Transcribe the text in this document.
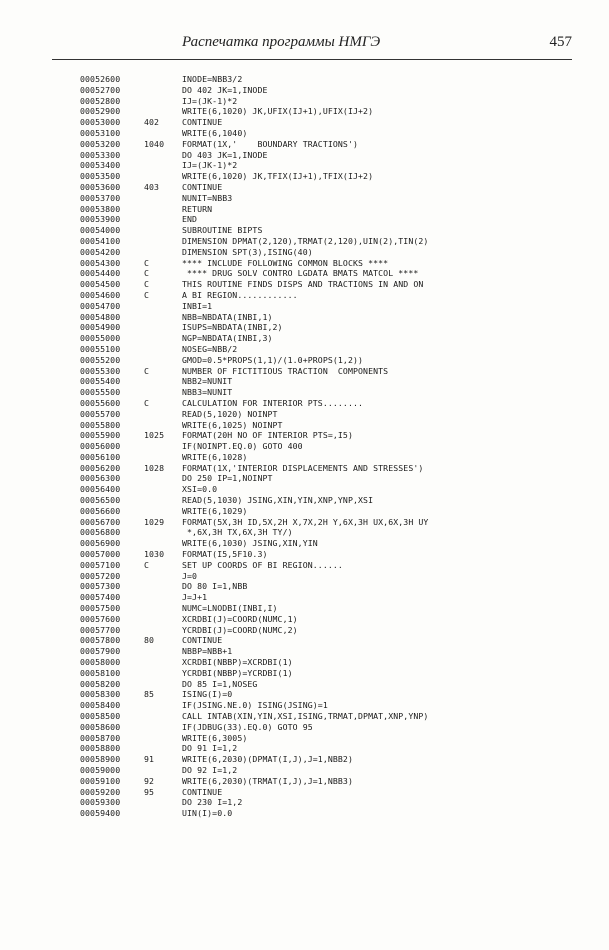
Распечатка программы НМГЭ	457
00052600	INODE=NBB3/2
00052700	DO 402 JK=1,INODE
00052800	IJ=(JK-1)*2
00052900	WRITE(6,1020) JK,UFIX(IJ+1),UFIX(IJ+2)
00053000	402	CONTINUE
00053100	WRITE(6,1040)
00053200	1040 FORMAT(1X,'    BOUNDARY TRACTIONS')
00053300	DO 403 JK=1,INODE
00053400	IJ=(JK-1)*2
00053500	WRITE(6,1020) JK,TFIX(IJ+1),TFIX(IJ+2)
00053600	403	CONTINUE
00053700	NUNIT=NBB3
00053800	RETURN
00053900	END
00054000	SUBROUTINE BIPTS
00054100	DIMENSION DPMAT(2,120),TRMAT(2,120),UIN(2),TIN(2)
00054200	DIMENSION SPT(3),ISING(40)
00054300	C	**** INCLUDE FOLLOWING COMMON BLOCKS ****
00054400	C	**** DRUG SOLV CONTRO LGDATA BMATS MATCOL ****
00054500	C	THIS ROUTINE FINDS DISPS AND TRACTIONS IN AND ON
00054600	C	A BI REGION............
00054700	INBI=1
00054800	NBB=NBDATA(INBI,1)
00054900	ISUPS=NBDATA(INBI,2)
00055000	NGP=NBDATA(INBI,3)
00055100	NOSEG=NBB/2
00055200	GMOD=0.5*PROPS(1,1)/(1.0+PROPS(1,2))
00055300	C	NUMBER OF FICTITIOUS TRACTION  COMPONENTS
00055400	NBB2=NUNIT
00055500	NBB3=NUNIT
00055600	C	CALCULATION FOR INTERIOR PTS........
00055700	READ(5,1020) NOINPT
00055800	WRITE(6,1025) NOINPT
00055900	1025 FORMAT(20H NO OF INTERIOR PTS=,I5)
00056000	IF(NOINPT.EQ.0) GOTO 400
00056100	WRITE(6,1028)
00056200	1028 FORMAT(1X,'INTERIOR DISPLACEMENTS AND STRESSES')
00056300	DO 250 IP=1,NOINPT
00056400	XSI=0.0
00056500	READ(5,1030) JSING,XIN,YIN,XNP,YNP,XSI
00056600	WRITE(6,1029)
00056700	1029 FORMAT(5X,3H ID,5X,2H X,7X,2H Y,6X,3H UX,6X,3H UY
00056800	*,6X,3H TX,6X,3H TY/)
00056900	WRITE(6,1030) JSING,XIN,YIN
00057000	1030 FORMAT(I5,5F10.3)
00057100	C	SET UP COORDS OF BI REGION......
00057200	J=0
00057300	DO 80 I=1,NBB
00057400	J=J+1
00057500	NUMC=LNODBI(INBI,I)
00057600	XCRDBI(J)=COORD(NUMC,1)
00057700	YCRDBI(J)=COORD(NUMC,2)
00057800	80	CONTINUE
00057900	NBBP=NBB+1
00058000	XCRDBI(NBBP)=XCRDBI(1)
00058100	YCRDBI(NBBP)=YCRDBI(1)
00058200	DO 85 I=1,NOSEG
00058300	85	ISING(I)=0
00058400	IF(JSING.NE.0) ISING(JSING)=1
00058500	CALL INTAB(XIN,YIN,XSI,ISING,TRMAT,DPMAT,XNP,YNP)
00058600	IF(JDBUG(33).EQ.0) GOTO 95
00058700	WRITE(6,3005)
00058800	DO 91 I=1,2
00058900	91	WRITE(6,2030)(DPMAT(I,J),J=1,NBB2)
00059000	DO 92 I=1,2
00059100	92	WRITE(6,2030)(TRMAT(I,J),J=1,NBB3)
00059200	95	CONTINUE
00059300	DO 230 I=1,2
00059400	UIN(I)=0.0
